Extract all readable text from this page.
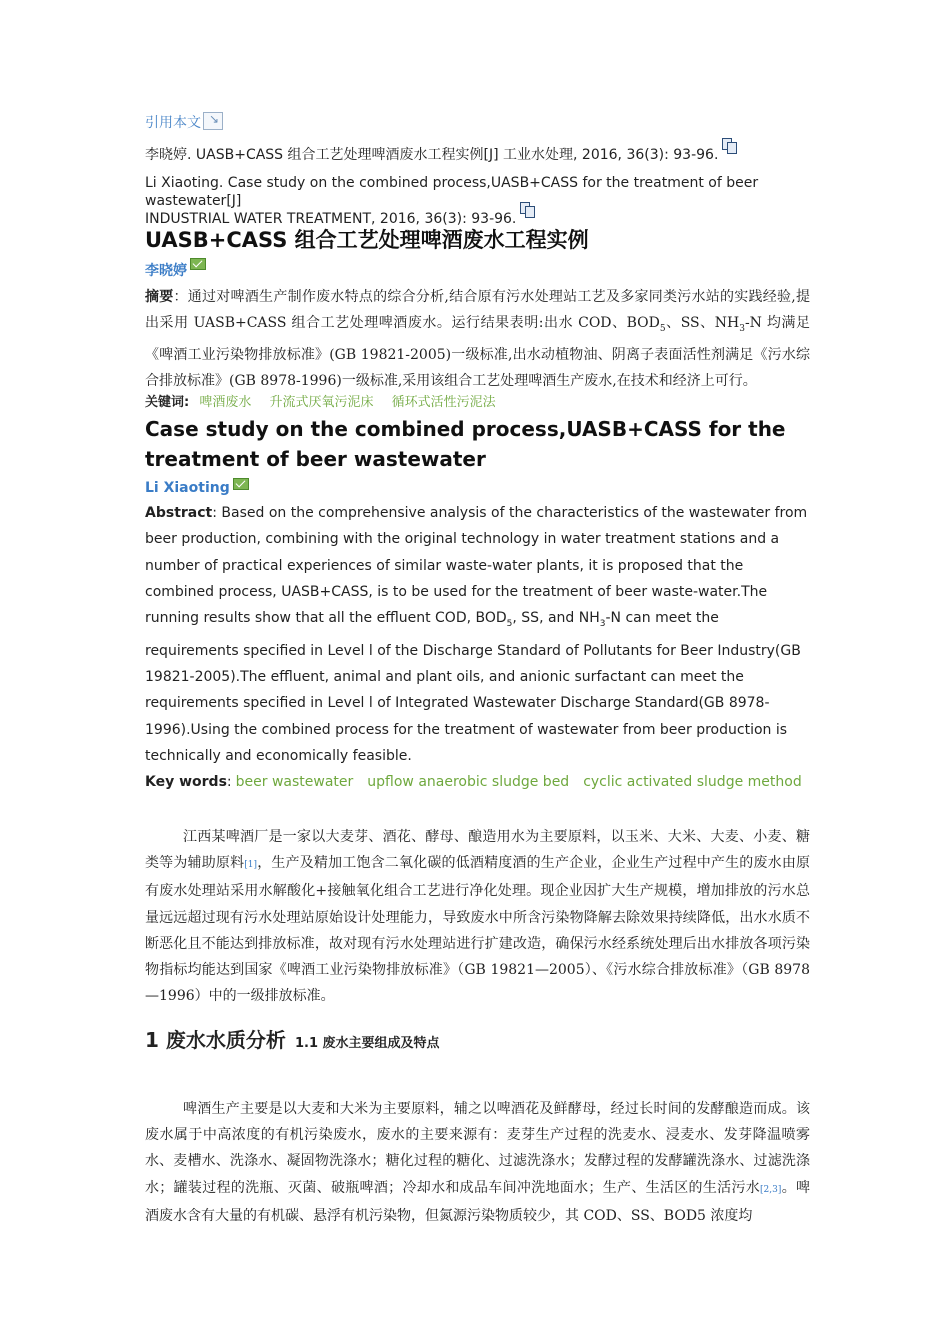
引用本文↘
李晓婷. UASB+CASS 组合工艺处理啤酒废水工程实例[J] 工业水处理, 2016, 36(3): 93-96.
Li Xiaoting. Case study on the combined process,UASB+CASS for the treatment of beer wastewater[J]
INDUSTRIAL WATER TREATMENT, 2016, 36(3): 93-96.
UASB+CASS 组合工艺处理啤酒废水工程实例
李晓婷
摘要：通过对啤酒生产制作废水特点的综合分析,结合原有污水处理站工艺及多家同类污水站的实践经验,提出采用 UASB+CASS 组合工艺处理啤酒废水。运行结果表明:出水 COD、$BOD_5$、SS、$NH_3-N$ 均满足《啤酒工业污染物排放标准》(GB 19821-2005)一级标准,出水动植物油、阴离子表面活性剂满足《污水综合排放标准》(GB 8978-1996)一级标准,采用该组合工艺处理啤酒生产废水,在技术和经济上可行。
关键词: 啤酒废水 升流式厌氧污泥床 循环式活性污泥法
Case study on the combined process,UASB+CASS for the
treatment of beer wastewater
Li Xiaoting
Abstract: Based on the comprehensive analysis of the characteristics of the wastewater from beer production, combining with the original technology in water treatment stations and a number of practical experiences of similar waste-water plants, it is proposed that the combined process, UASB+CASS, is to be used for the treatment of beer waste-water.The running results show that all the effluent COD, $BOD_5$, SS, and $NH_3-N$ can meet the requirements specified in Level l of the Discharge Standard of Pollutants for Beer Industry(GB 19821-2005).The effluent, animal and plant oils, and anionic surfactant can meet the requirements specified in Level l of Integrated Wastewater Discharge Standard(GB 8978-1996).Using the combined process for the treatment of wastewater from beer production is technically and economically feasible.
Key words: beer wastewater upflow anaerobic sludge bed cyclic activated sludge method
江西某啤酒厂是一家以大麦芽、酒花、酵母、酿造用水为主要原料，以玉米、大米、大麦、小麦、糖类等为辅助原料[1]，生产及精加工饱含二氧化碳的低酒精度酒的生产企业，企业生产过程中产生的废水由原有废水处理站采用水解酸化+接触氧化组合工艺进行净化处理。现企业因扩大生产规模，增加排放的污水总量远远超过现有污水处理站原始设计处理能力，导致废水中所含污染物降解去除效果持续降低，出水水质不断恶化且不能达到排放标准，故对现有污水处理站进行扩建改造，确保污水经系统处理后出水排放各项污染物指标均能达到国家《啤酒工业污染物排放标准》（GB 19821—2005）、《污水综合排放标准》（GB 8978—1996）中的一级排放标准。
1 废水水质分析 1.1 废水主要组成及特点
啤酒生产主要是以大麦和大米为主要原料，辅之以啤酒花及鲜酵母，经过长时间的发酵酿造而成。该废水属于中高浓度的有机污染废水，废水的主要来源有：麦芽生产过程的洗麦水、浸麦水、发芽降温喷雾水、麦槽水、洗涤水、凝固物洗涤水；糖化过程的糖化、过滤洗涤水；发酵过程的发酵罐洗涤水、过滤洗涤水；罐装过程的洗瓶、灭菌、破瓶啤酒；冷却水和成品车间冲洗地面水；生产、生活区的生活污水[2,3]。啤酒废水含有大量的有机碳、悬浮有机污染物，但氮源污染物质较少，其 COD、SS、BOD5 浓度均
